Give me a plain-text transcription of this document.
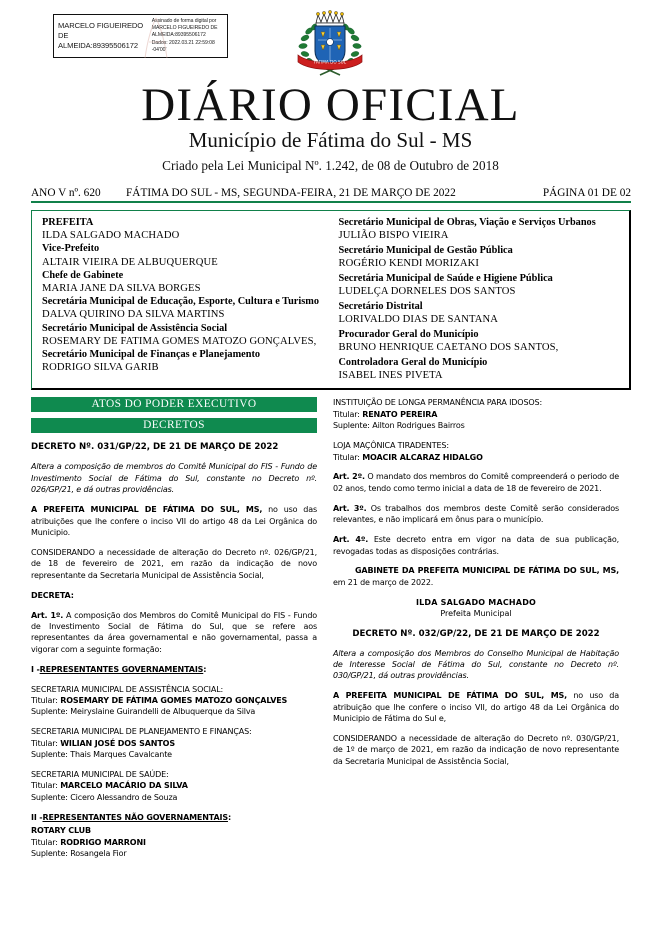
MARCELO FIGUEIREDO DE ALMEIDA:89395506172
Assinado de forma digital por
MARCELO FIGUEIREDO DE
ALMEIDA:89395506172
Dados: 2022.03.21 22:59:08 -04'00'
FÁTIMA DO SUL
DIÁRIO OFICIAL
Município de Fátima do Sul - MS
Criado pela Lei Municipal Nº. 1.242, de 08 de Outubro de 2018
ANO V nº. 620	FÁTIMA DO SUL - MS, SEGUNDA-FEIRA, 21 DE MARÇO DE 2022	PÁGINA 01 DE 02
PREFEITA
ILDA SALGADO MACHADO
Vice-Prefeito
ALTAIR VIEIRA DE ALBUQUERQUE
Chefe de Gabinete
MARIA JANE DA SILVA BORGES
Secretária Municipal de Educação, Esporte, Cultura e Turismo
DALVA QUIRINO DA SILVA MARTINS
Secretário Municipal de Assistência Social
ROSEMARY DE FATIMA GOMES MATOZO GONÇALVES,
Secretário Municipal de Finanças e Planejamento
RODRIGO SILVA GARIB
Secretário Municipal de Obras, Viação e Serviços Urbanos
JULIÃO BISPO VIEIRA
Secretário Municipal de Gestão Pública
ROGÉRIO KENDI MORIZAKI
Secretária Municipal de Saúde e Higiene Pública
LUDELÇA DORNELES DOS SANTOS
Secretário Distrital
LORIVALDO DIAS DE SANTANA
Procurador Geral do Município
BRUNO HENRIQUE CAETANO DOS SANTOS,
Controladora Geral do Município
ISABEL INES PIVETA
ATOS DO PODER EXECUTIVO
DECRETOS
DECRETO Nº. 031/GP/22, DE 21 DE MARÇO DE 2022
Altera a composição de membros do Comitê Municipal do FIS - Fundo de Investimento Social de Fátima do Sul, constante no Decreto nº. 026/GP/21, e dá outras providências.
A PREFEITA MUNICIPAL DE FÁTIMA DO SUL, MS, no uso das atribuições que lhe confere o inciso VII do artigo 48 da Lei Orgânica do Municipio.
CONSIDERANDO a necessidade de alteração do Decreto nº. 026/GP/21, de 18 de fevereiro de 2021, em razão da indicação de novo representante da Secretaria Municipal de Assistência Social,
DECRETA:
Art. 1º. A composição dos Membros do Comitê Municipal do FIS - Fundo de Investimento Social de Fátima do Sul, que se refere aos representantes da área governamental e não governamental, passa a vigorar com a seguinte formação:
I -REPRESENTANTES GOVERNAMENTAIS:
SECRETARIA MUNICIPAL DE ASSISTÊNCIA SOCIAL:
Titular: ROSEMARY DE FÁTIMA GOMES MATOZO GONÇALVES
Suplente: Meiryslaine Guirandelli de Albuquerque da Silva
SECRETARIA MUNICIPAL DE PLANEJAMENTO E FINANÇAS:
Titular: WILIAN JOSÉ DOS SANTOS
Suplente: Thais Marques Cavalcante
SECRETARIA MUNICIPAL DE SAÚDE:
Titular: MARCELO MACÁRIO DA SILVA
Suplente: Cicero Alessandro de Souza
II -REPRESENTANTES NÃO GOVERNAMENTAIS:
ROTARY CLUB
Titular: RODRIGO MARRONI
Suplente: Rosangela Fior
INSTITUIÇÃO DE LONGA PERMANÊNCIA PARA IDOSOS:
Titular: RENATO PEREIRA
Suplente: Ailton Rodrigues Bairros
LOJA MAÇÔNICA TIRADENTES:
Titular: MOACIR ALCARAZ HIDALGO
Art. 2º. O mandato dos membros do Comitê compreenderá o periodo de 02 anos, tendo como termo inicial a data de 18 de fevereiro de 2021.
Art. 3º. Os trabalhos dos membros deste Comitê serão considerados relevantes, e não implicará em ônus para o município.
Art. 4º. Este decreto entra em vigor na data de sua publicação, revogadas todas as disposições contrárias.
GABINETE DA PREFEITA MUNICIPAL DE FÁTIMA DO SUL, MS, em 21 de março de 2022.
ILDA SALGADO MACHADO
Prefeita Municipal
DECRETO Nº. 032/GP/22, DE 21 DE MARÇO DE 2022
Altera a composição dos Membros do Conselho Municipal de Habitação de Interesse Social de Fátima do Sul, constante no Decreto nº. 030/GP/21, dá outras providências.
A PREFEITA MUNICIPAL DE FÁTIMA DO SUL, MS, no uso da atribuição que lhe confere o inciso VII, do artigo 48 da Lei Orgânica do Municipio de Fátima do Sul e,
CONSIDERANDO a necessidade de alteração do Decreto nº. 030/GP/21, de 1º de março de 2021, em razão da indicação de novo representante da Secretaria Municipal de Assistência Social,
